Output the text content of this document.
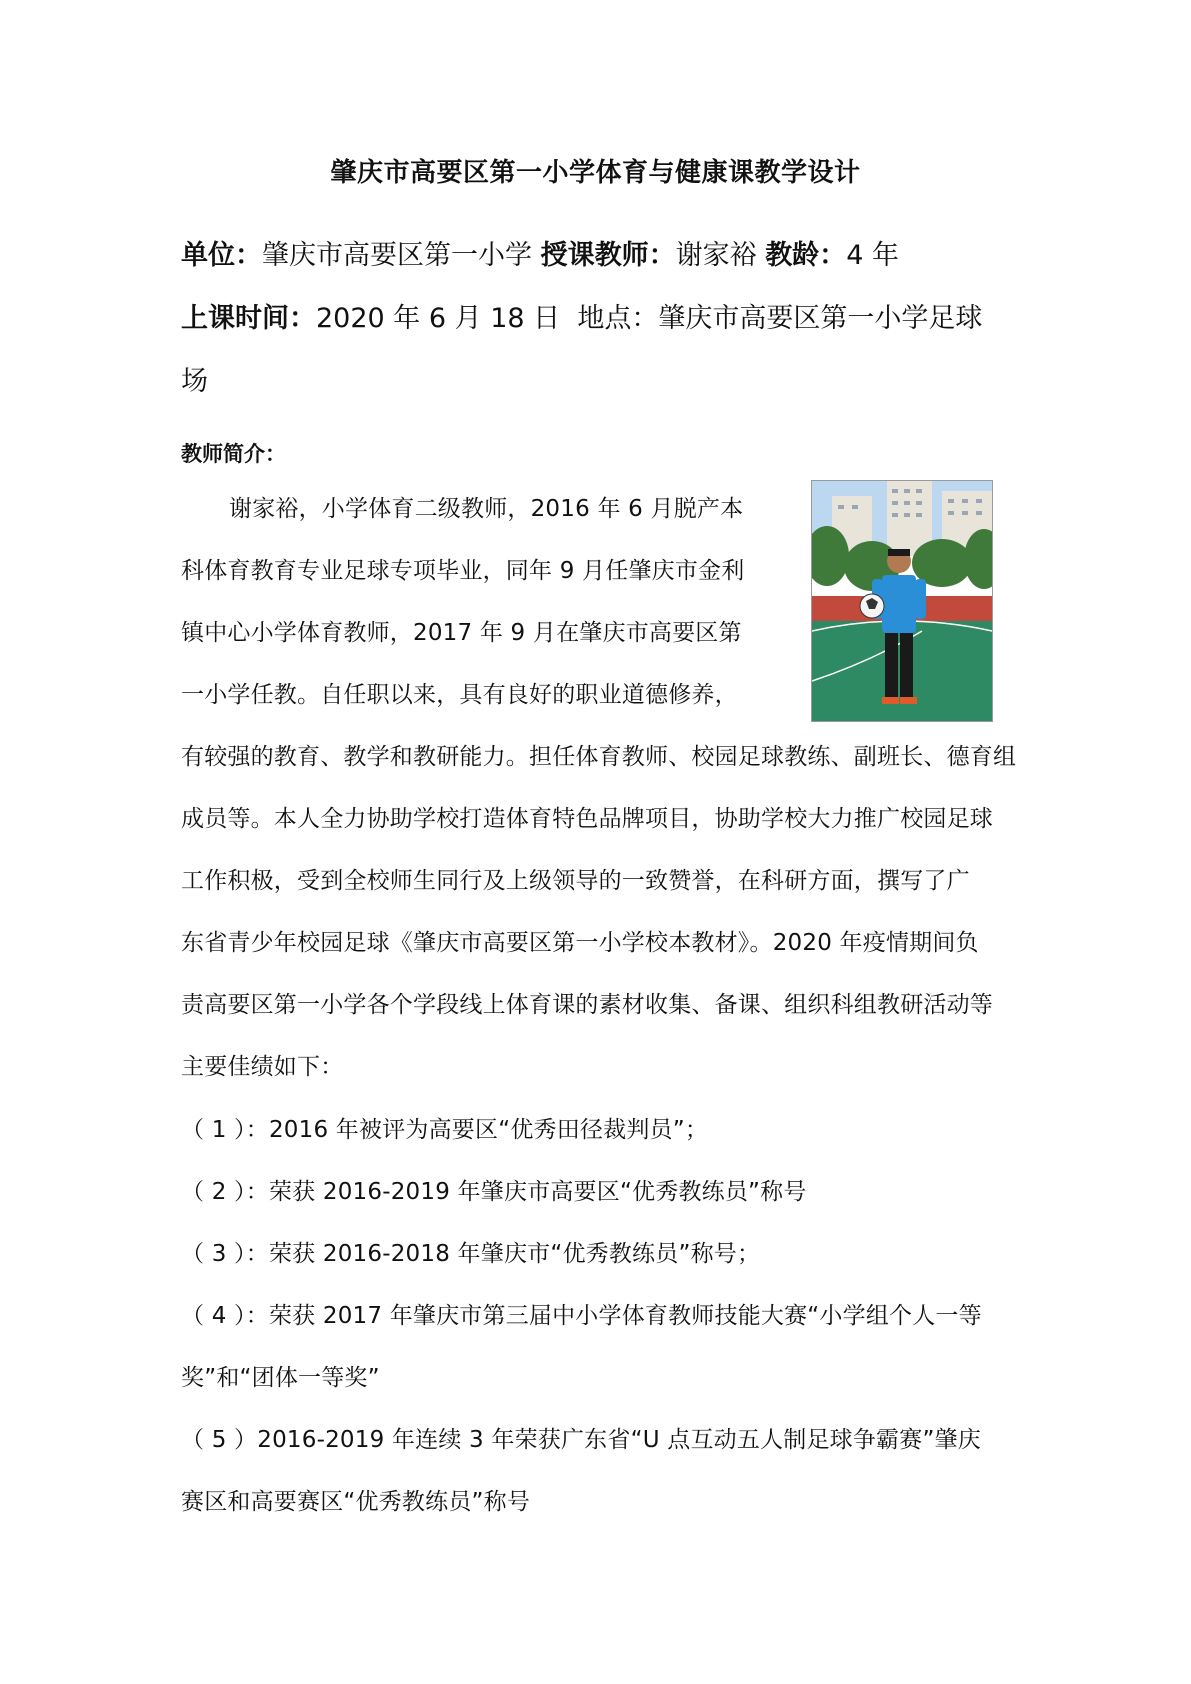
肇庆市高要区第一小学体育与健康课教学设计
单位：肇庆市高要区第一小学 授课教师：谢家裕 教龄：4 年
上课时间：2020 年 6 月 18 日 地点：肇庆市高要区第一小学足球
场
教师简介：
谢家裕，小学体育二级教师，2016 年 6 月脱产本
科体育教育专业足球专项毕业，同年 9 月任肇庆市金利
镇中心小学体育教师，2017 年 9 月在肇庆市高要区第
一小学任教。自任职以来，具有良好的职业道德修养，
有较强的教育、教学和教研能力。担任体育教师、校园足球教练、副班长、德育组
成员等。本人全力协助学校打造体育特色品牌项目，协助学校大力推广校园足球
工作积极，受到全校师生同行及上级领导的一致赞誉，在科研方面，撰写了广
东省青少年校园足球《肇庆市高要区第一小学校本教材》。2020 年疫情期间负
责高要区第一小学各个学段线上体育课的素材收集、备课、组织科组教研活动等
主要佳绩如下：
（ 1 ）：2016 年被评为高要区“优秀田径裁判员”；
（ 2 ）：荣获 2016-2019 年肇庆市高要区“优秀教练员”称号
（ 3 ）：荣获 2016-2018 年肇庆市“优秀教练员”称号；
（ 4 ）：荣获 2017 年肇庆市第三届中小学体育教师技能大赛“小学组个人一等
奖”和“团体一等奖”
（ 5 ）2016-2019 年连续 3 年荣获广东省“U 点互动五人制足球争霸赛”肇庆
赛区和高要赛区“优秀教练员”称号
